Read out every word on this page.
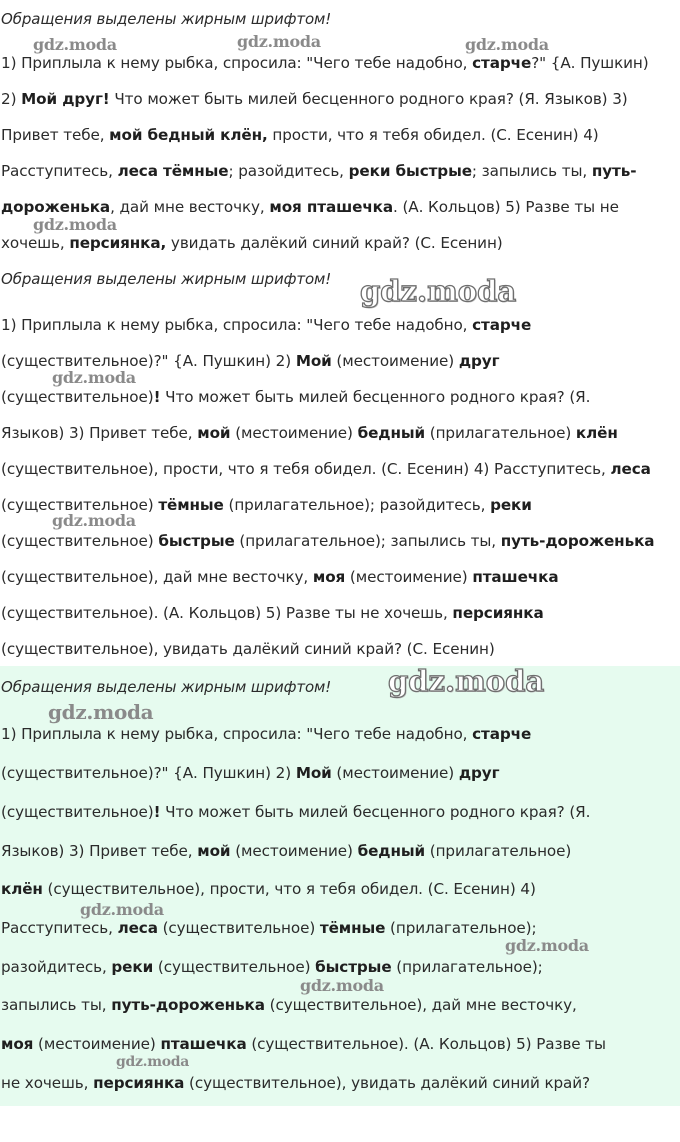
Обращения выделены жирным шрифтом!
1) Приплыла к нему рыбка, спросила: "Чего тебе надобно, старче?" {А. Пушкин)
2) Мой друг! Что может быть милей бесценного родного края? (Я. Языков) 3)
Привет тебе, мой бедный клён, прости, что я тебя обидел. (С. Есенин) 4)
Расступитесь, леса тёмные; разойдитесь, реки быстрые; запылись ты, путь-
дороженька, дай мне весточку, моя пташечка. (А. Кольцов) 5) Разве ты не
хочешь, персиянка, увидать далёкий синий край? (С. Есенин)
gdz.moda	gdz.moda	gdz.moda
gdz.moda
Обращения выделены жирным шрифтом!
1) Приплыла к нему рыбка, спросила: "Чего тебе надобно, старче
(существительное)?" {А. Пушкин) 2) Мой (местоимение) друг
(существительное)! Что может быть милей бесценного родного края? (Я.
Языков) 3) Привет тебе, мой (местоимение) бедный (прилагательное) клён
(существительное), прости, что я тебя обидел. (С. Есенин) 4) Расступитесь, леса
(существительное) тёмные (прилагательное); разойдитесь, реки
(существительное) быстрые (прилагательное); запылись ты, путь-дороженька
(существительное), дай мне весточку, моя (местоимение) пташечка
(существительное). (А. Кольцов) 5) Разве ты не хочешь, персиянка
(существительное), увидать далёкий синий край? (С. Есенин)
gdz.moda
gdz.moda
gdz.moda
Обращения выделены жирным шрифтом!
1) Приплыла к нему рыбка, спросила: "Чего тебе надобно, старче
(существительное)?" {А. Пушкин) 2) Мой (местоимение) друг
(существительное)! Что может быть милей бесценного родного края? (Я.
Языков) 3) Привет тебе, мой (местоимение) бедный (прилагательное)
клён (существительное), прости, что я тебя обидел. (С. Есенин) 4)
Расступитесь, леса (существительное) тёмные (прилагательное);
разойдитесь, реки (существительное) быстрые (прилагательное);
запылись ты, путь-дороженька (существительное), дай мне весточку,
моя (местоимение) пташечка (существительное). (А. Кольцов) 5) Разве ты
не хочешь, персиянка (существительное), увидать далёкий синий край?
gdz.moda
gdz.moda
gdz.moda
gdz.moda
gdz.moda
gdz.moda
